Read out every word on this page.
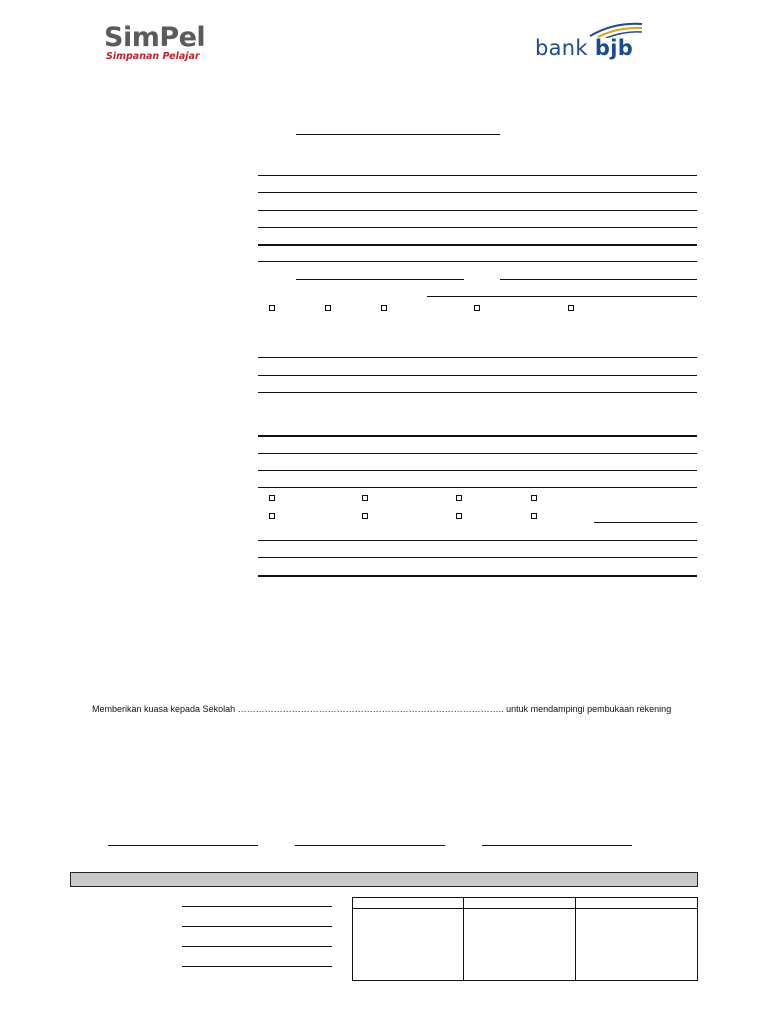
SimPel
Simpanan Pelajar	bank bjb
Memberikan kuasa kepada Sekolah …………………………………………………………………………….. untuk mendampingi pembukaan rekening
